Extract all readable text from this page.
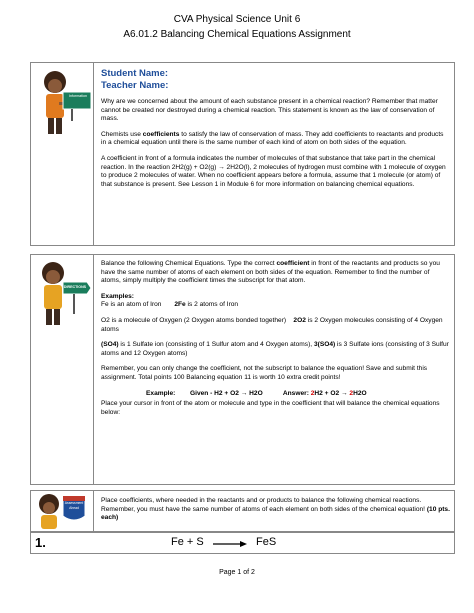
CVA Physical Science Unit 6
A6.01.2 Balancing Chemical Equations Assignment
Information
Student Name:
Teacher Name:

Why are we concerned about the amount of each substance present in a chemical reaction? Remember that matter cannot be created nor destroyed during a chemical reaction. This statement is known as the law of conservation of mass.

Chemists use coefficients to satisfy the law of conservation of mass. They add coefficients to reactants and products in a chemical equation until there is the same number of each kind of atom on both sides of the equation.

A coefficient in front of a formula indicates the number of molecules of that substance that take part in the chemical reaction. In the reaction 2H2(g) + O2(g) → 2H2O(l), 2 molecules of hydrogen must combine with 1 molecule of oxygen to produce 2 molecules of water. When no coefficient appears before a formula, assume that 1 molecule (or atom) of that substance is present. See Lesson 1 in Module 6 for more information on balancing chemical equations.

DIRECTIONS

Balance the following Chemical Equations. Type the correct coefficient in front of the reactants and products so you have the same number of atoms of each element on both sides of the equation. Remember to find the number of atoms, simply multiply the coefficient times the subscript for that atom.

Examples:

Fe is an atom of Iron 2Fe is 2 atoms of Iron

O2 is a molecule of Oxygen (2 Oxygen atoms bonded together) 2O2 is 2 Oxygen molecules consisting of 4 Oxygen atoms

(SO4) is 1 Sulfate ion (consisting of 1 Sulfur atom and 4 Oxygen atoms), 3(SO4) is 3 Sulfate ions (consisting of 3 Sulfur atoms and 12 Oxygen atoms)

Remember, you can only change the coefficient, not the subscript to balance the equation! Save and submit this assignment. Total points 100 Balancing equation 11 is worth 10 extra credit points!

Example: Given - H2 + O2 → H2O	Answer: 2H2 + O2 → 2H2O

Place your cursor in front of the atom or molecule and type in the coefficient that will balance the chemical equations below:

Assessment
Ahead
Place coefficients, where needed in the reactants and or products to balance the following chemical reactions. Remember, you must have the same number of atoms of each element on both sides of the chemical equation! (10 pts. each)
1.	Fe + S → FeS
Page 1 of 2
